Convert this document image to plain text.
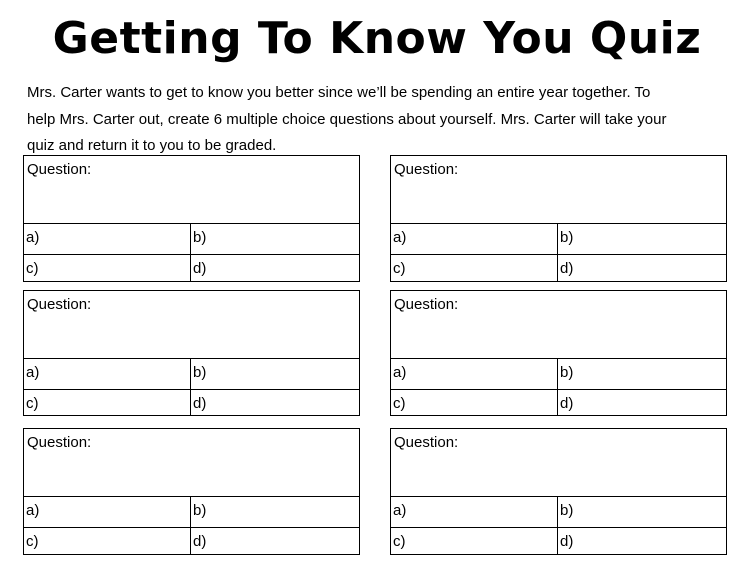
Getting To Know You Quiz

Mrs. Carter wants to get to know you better since we’ll be spending an entire year together. To
help Mrs. Carter out, create 6 multiple choice questions about yourself. Mrs. Carter will take your
quiz and return it to you to be graded.

Question:
a)	b)
c)	d)
Question:
a)	b)
c)	d)
Question:
a)	b)
c)	d)
Question:
a)	b)
c)	d)
Question:
a)	b)
c)	d)
Question:
a)	b)
c)	d)
